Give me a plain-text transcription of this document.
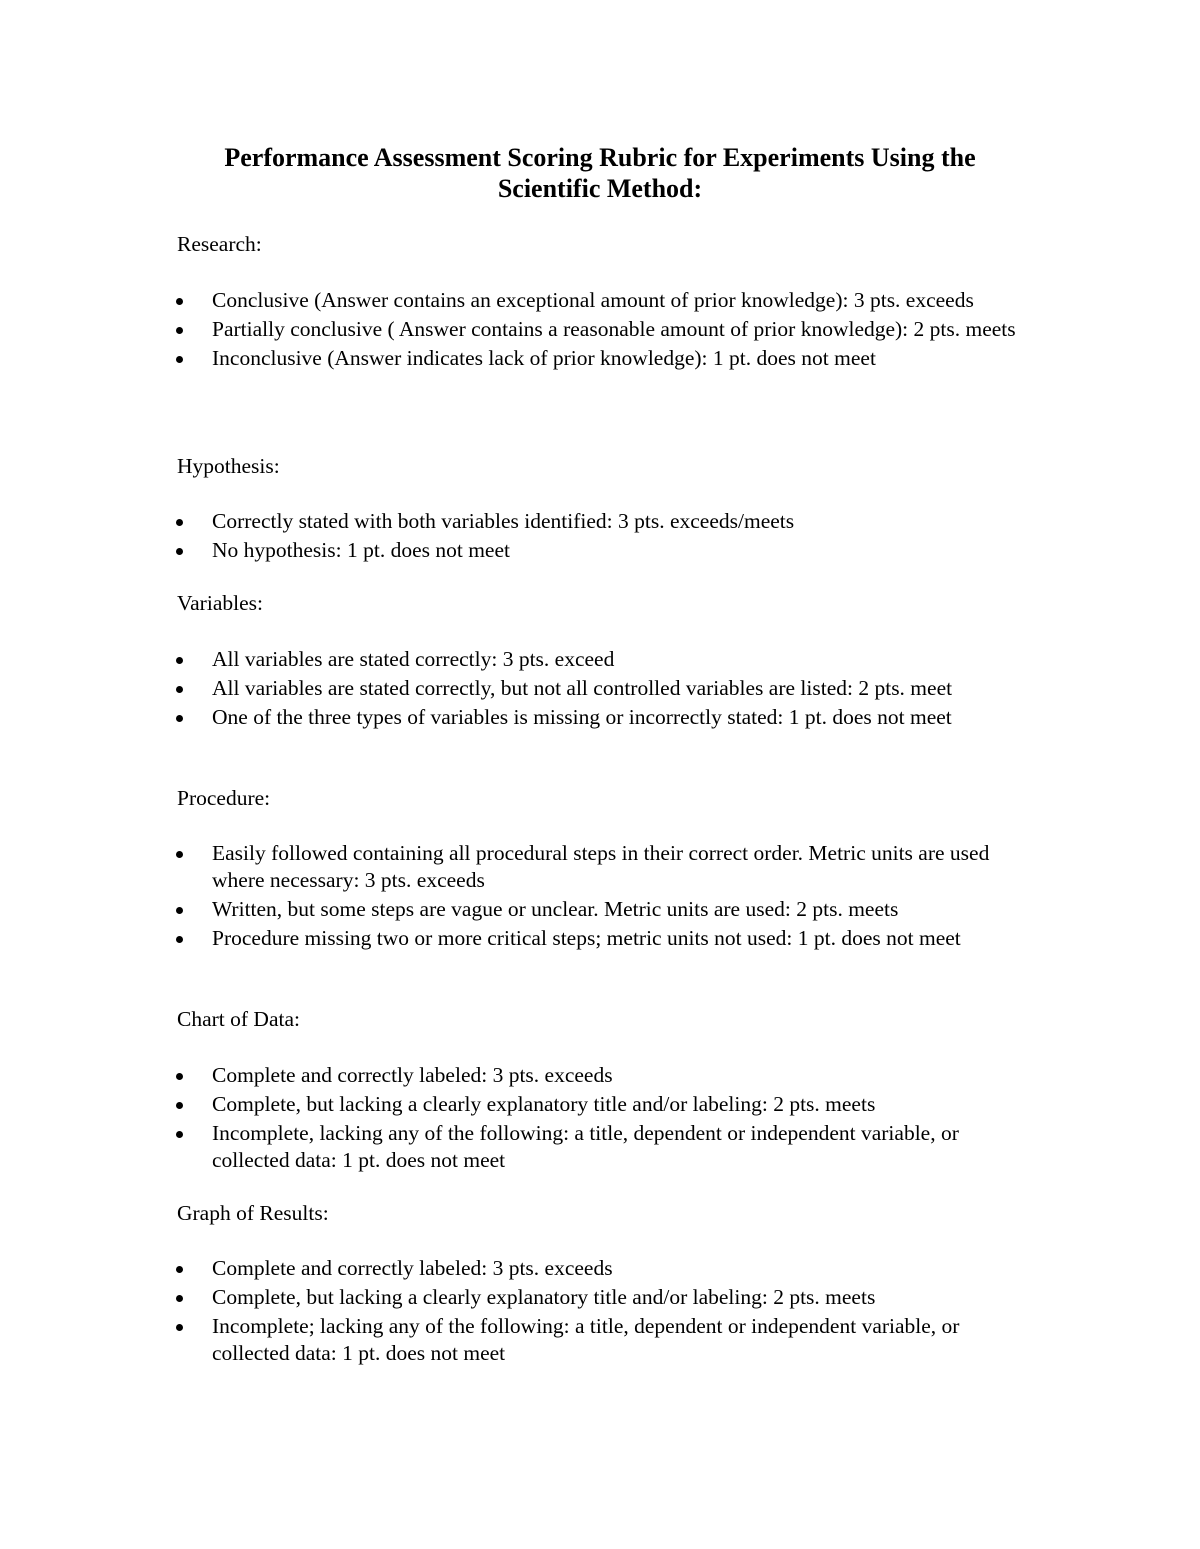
Performance Assessment Scoring Rubric for Experiments Using the
Scientific Method:
Research:
Conclusive (Answer contains an exceptional amount of prior knowledge): 3 pts. exceeds
Partially conclusive ( Answer contains a reasonable amount of prior knowledge): 2 pts. meets
Inconclusive (Answer indicates lack of prior knowledge): 1 pt. does not meet
Hypothesis:
Correctly stated with both variables identified: 3 pts. exceeds/meets
No hypothesis: 1 pt. does not meet
Variables:
All variables are stated correctly: 3 pts. exceed
All variables are stated correctly, but not all controlled variables are listed: 2 pts. meet
One of the three types of variables is missing or incorrectly stated: 1 pt. does not meet
Procedure:
Easily followed containing all procedural steps in their correct order. Metric units are used where necessary: 3 pts. exceeds
Written, but some steps are vague or unclear. Metric units are used: 2 pts. meets
Procedure missing two or more critical steps; metric units not used: 1 pt. does not meet
Chart of Data:
Complete and correctly labeled: 3 pts. exceeds
Complete, but lacking a clearly explanatory title and/or labeling: 2 pts. meets
Incomplete, lacking any of the following: a title, dependent or independent variable, or collected data: 1 pt. does not meet
Graph of Results:
Complete and correctly labeled: 3 pts. exceeds
Complete, but lacking a clearly explanatory title and/or labeling: 2 pts. meets
Incomplete; lacking any of the following: a title, dependent or independent variable, or collected data: 1 pt. does not meet
